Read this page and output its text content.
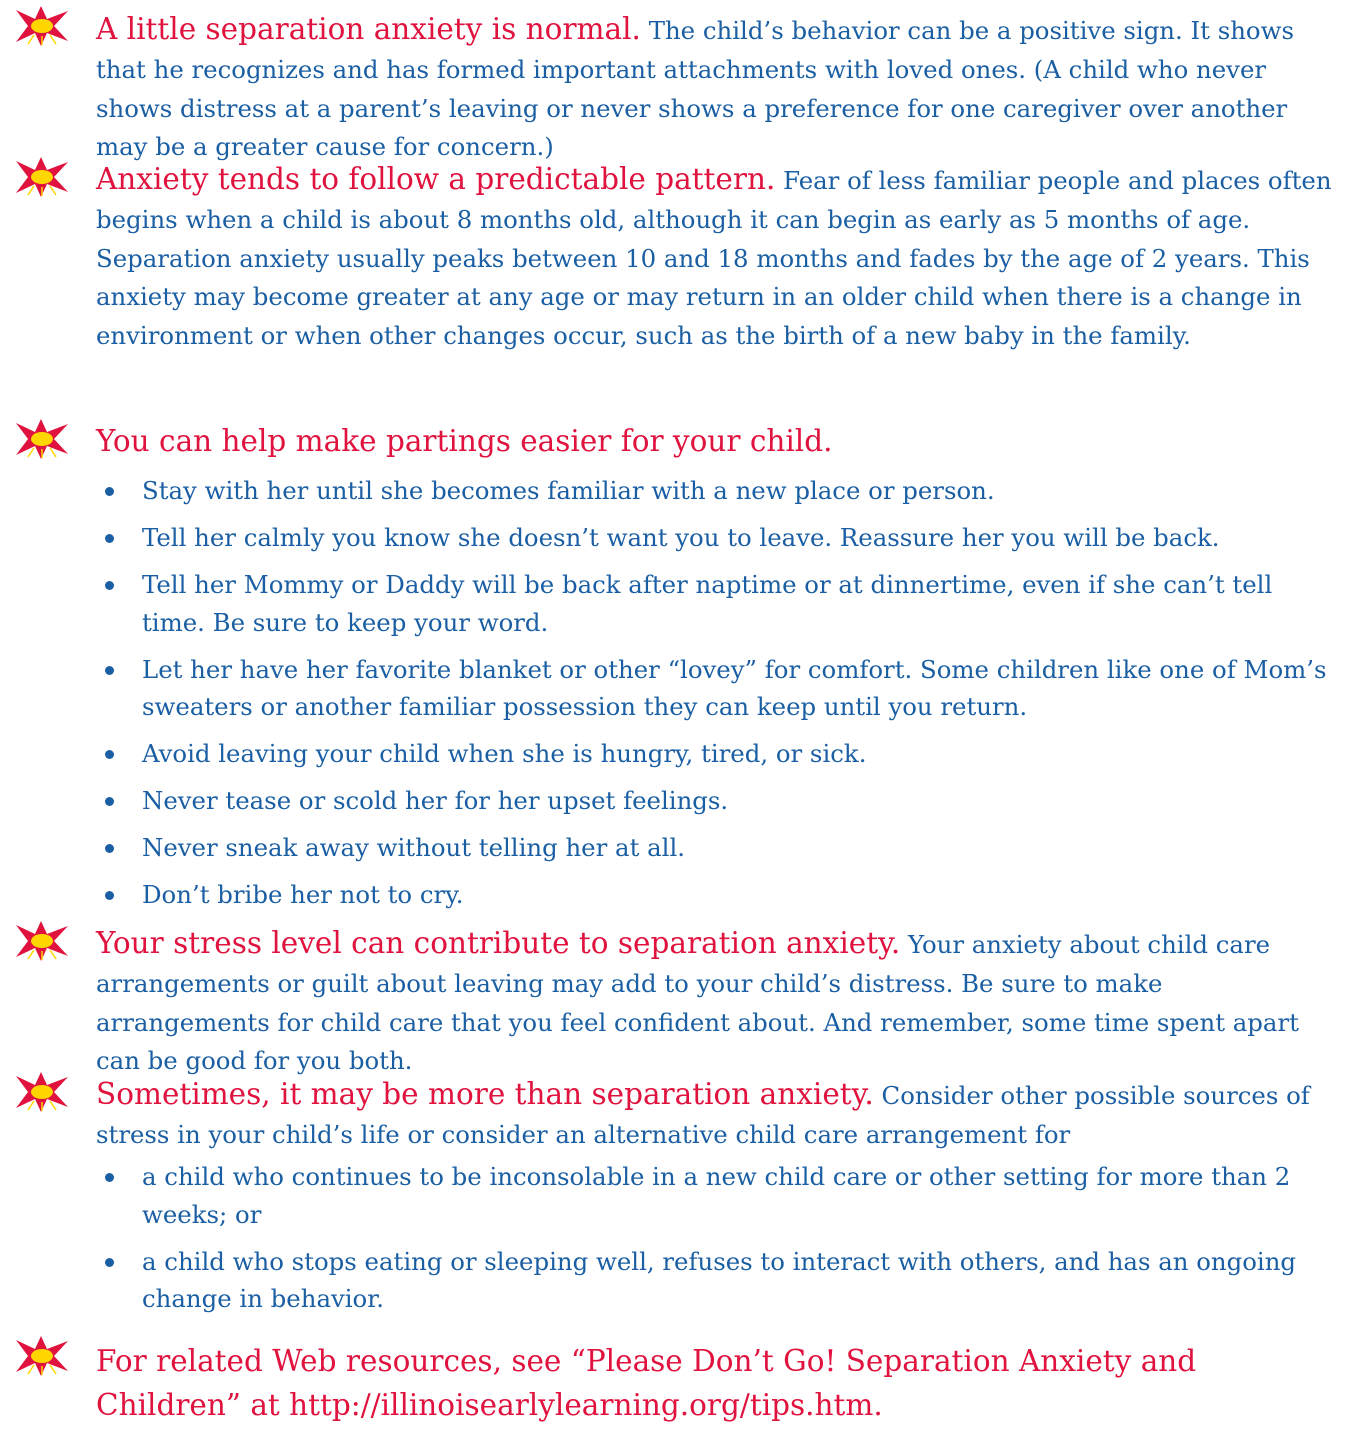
A little separation anxiety is normal. The child’s behavior can be a positive sign. It shows that he recognizes and has formed important attachments with loved ones. (A child who never shows distress at a parent’s leaving or never shows a preference for one caregiver over another may be a greater cause for concern.)

Anxiety tends to follow a predictable pattern. Fear of less familiar people and places often begins when a child is about 8 months old, although it can begin as early as 5 months of age. Separation anxiety usually peaks between 10 and 18 months and fades by the age of 2 years. This anxiety may become greater at any age or may return in an older child when there is a change in environment or when other changes occur, such as the birth of a new baby in the family.

You can help make partings easier for your child.

Stay with her until she becomes familiar with a new place or person.
Tell her calmly you know she doesn’t want you to leave. Reassure her you will be back.
Tell her Mommy or Daddy will be back after naptime or at dinnertime, even if she can’t tell time. Be sure to keep your word.
Let her have her favorite blanket or other “lovey” for comfort. Some children like one of Mom’s sweaters or another familiar possession they can keep until you return.
Avoid leaving your child when she is hungry, tired, or sick.
Never tease or scold her for her upset feelings.
Never sneak away without telling her at all.
Don’t bribe her not to cry.

Your stress level can contribute to separation anxiety. Your anxiety about child care arrangements or guilt about leaving may add to your child’s distress. Be sure to make arrangements for child care that you feel confident about. And remember, some time spent apart can be good for you both.

Sometimes, it may be more than separation anxiety. Consider other possible sources of stress in your child’s life or consider an alternative child care arrangement for

a child who continues to be inconsolable in a new child care or other setting for more than 2 weeks; or
a child who stops eating or sleeping well, refuses to interact with others, and has an ongoing change in behavior.

For related Web resources, see “Please Don’t Go! Separation Anxiety and Children” at http://illinoisearlylearning.org/tips.htm.
